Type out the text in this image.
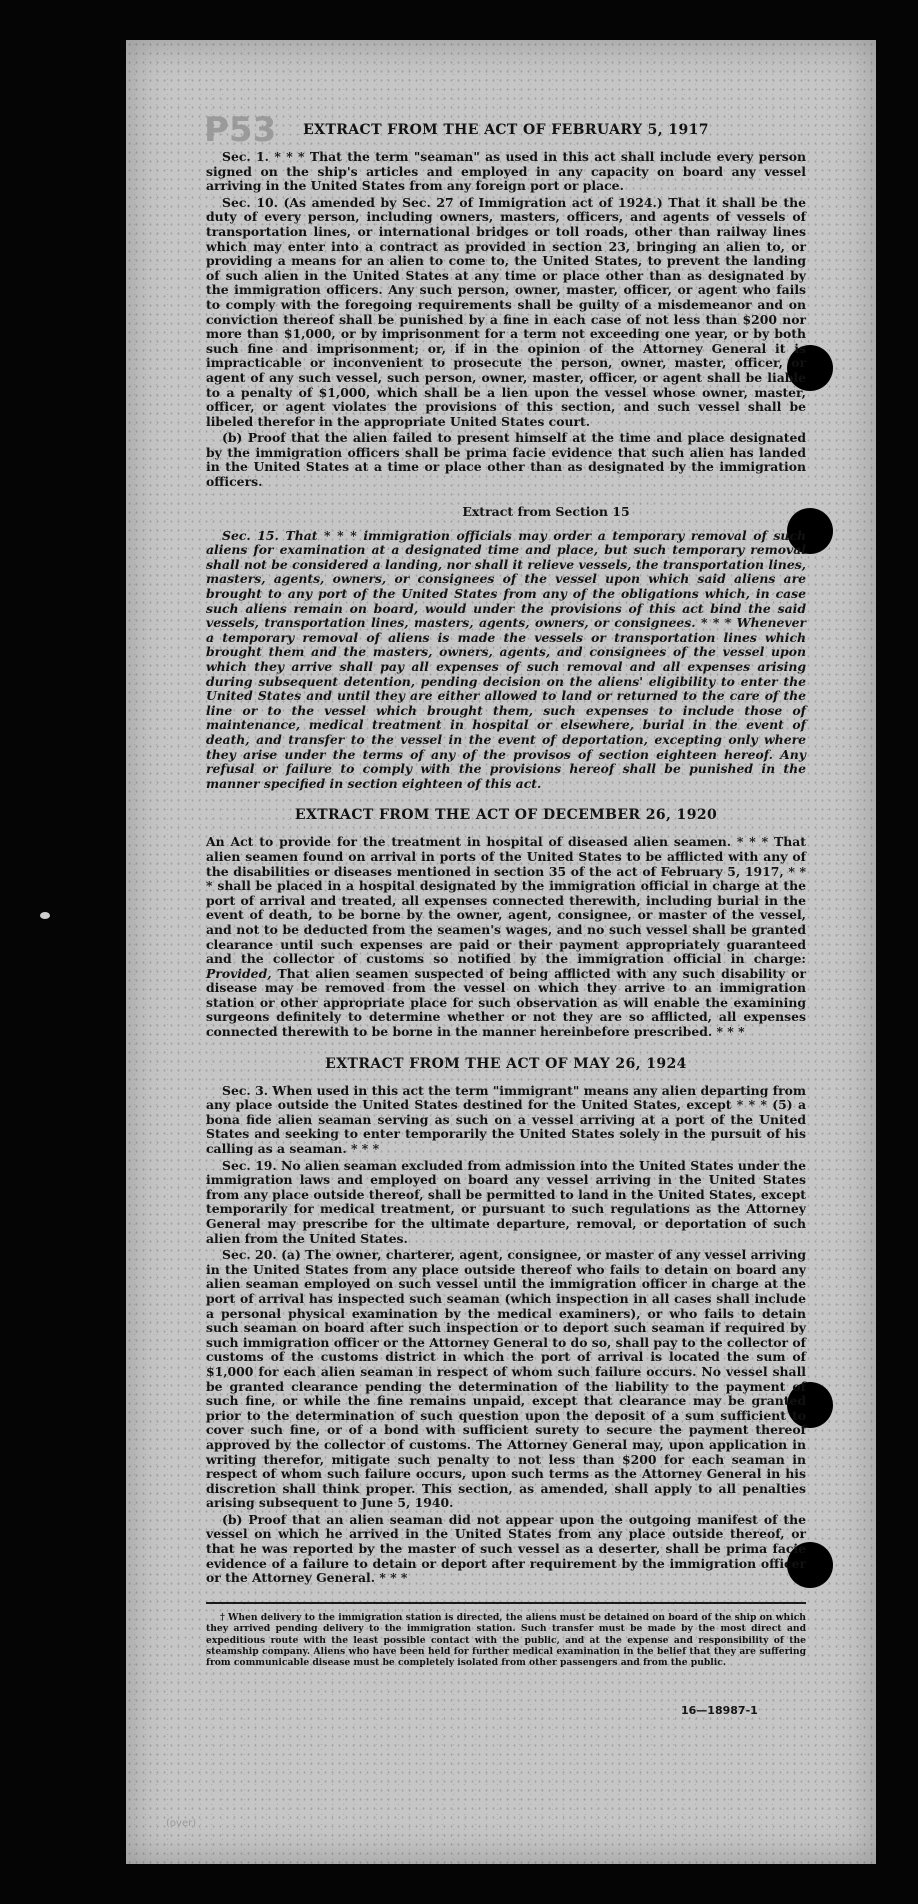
P53	EXTRACT FROM THE ACT OF FEBRUARY 5, 1917

Sec. 1. * * * That the term "seaman" as used in this act shall include every person signed on the ship's articles and employed in any capacity on board any vessel arriving in the United States from any foreign port or place.

Sec. 10. (As amended by Sec. 27 of Immigration act of 1924.) That it shall be the duty of every person, including owners, masters, officers, and agents of vessels of transportation lines, or international bridges or toll roads, other than railway lines which may enter into a contract as provided in section 23, bringing an alien to, or providing a means for an alien to come to, the United States, to prevent the landing of such alien in the United States at any time or place other than as designated by the immigration officers. Any such person, owner, master, officer, or agent who fails to comply with the foregoing requirements shall be guilty of a misdemeanor and on conviction thereof shall be punished by a fine in each case of not less than $200 nor more than $1,000, or by imprisonment for a term not exceeding one year, or by both such fine and imprisonment; or, if in the opinion of the Attorney General it is impracticable or inconvenient to prosecute the person, owner, master, officer, or agent of any such vessel, such person, owner, master, officer, or agent shall be liable to a penalty of $1,000, which shall be a lien upon the vessel whose owner, master, officer, or agent violates the provisions of this section, and such vessel shall be libeled therefor in the appropriate United States court.

(b) Proof that the alien failed to present himself at the time and place designated by the immigration officers shall be prima facie evidence that such alien has landed in the United States at a time or place other than as designated by the immigration officers.

Extract from Section 15

Sec. 15. That * * * immigration officials may order a temporary removal of such aliens for examination at a designated time and place, but such temporary removal shall not be considered a landing, nor shall it relieve vessels, the transportation lines, masters, agents, owners, or consignees of the vessel upon which said aliens are brought to any port of the United States from any of the obligations which, in case such aliens remain on board, would under the provisions of this act bind the said vessels, transportation lines, masters, agents, owners, or consignees. * * * Whenever a temporary removal of aliens is made the vessels or transportation lines which brought them and the masters, owners, agents, and consignees of the vessel upon which they arrive shall pay all expenses of such removal and all expenses arising during subsequent detention, pending decision on the aliens' eligibility to enter the United States and until they are either allowed to land or returned to the care of the line or to the vessel which brought them, such expenses to include those of maintenance, medical treatment in hospital or elsewhere, burial in the event of death, and transfer to the vessel in the event of deportation, excepting only where they arise under the terms of any of the provisos of section eighteen hereof. Any refusal or failure to comply with the provisions hereof shall be punished in the manner specified in section eighteen of this act.

EXTRACT FROM THE ACT OF DECEMBER 26, 1920

An Act to provide for the treatment in hospital of diseased alien seamen. * * * That alien seamen found on arrival in ports of the United States to be afflicted with any of the disabilities or diseases mentioned in section 35 of the act of February 5, 1917, * * * shall be placed in a hospital designated by the immigration official in charge at the port of arrival and treated, all expenses connected therewith, including burial in the event of death, to be borne by the owner, agent, consignee, or master of the vessel, and not to be deducted from the seamen's wages, and no such vessel shall be granted clearance until such expenses are paid or their payment appropriately guaranteed and the collector of customs so notified by the immigration official in charge: Provided, That alien seamen suspected of being afflicted with any such disability or disease may be removed from the vessel on which they arrive to an immigration station or other appropriate place for such observation as will enable the examining surgeons definitely to determine whether or not they are so afflicted, all expenses connected therewith to be borne in the manner hereinbefore prescribed. * * *

EXTRACT FROM THE ACT OF MAY 26, 1924

Sec. 3. When used in this act the term "immigrant" means any alien departing from any place outside the United States destined for the United States, except * * * (5) a bona fide alien seaman serving as such on a vessel arriving at a port of the United States and seeking to enter temporarily the United States solely in the pursuit of his calling as a seaman. * * *

Sec. 19. No alien seaman excluded from admission into the United States under the immigration laws and employed on board any vessel arriving in the United States from any place outside thereof, shall be permitted to land in the United States, except temporarily for medical treatment, or pursuant to such regulations as the Attorney General may prescribe for the ultimate departure, removal, or deportation of such alien from the United States.

Sec. 20. (a) The owner, charterer, agent, consignee, or master of any vessel arriving in the United States from any place outside thereof who fails to detain on board any alien seaman employed on such vessel until the immigration officer in charge at the port of arrival has inspected such seaman (which inspection in all cases shall include a personal physical examination by the medical examiners), or who fails to detain such seaman on board after such inspection or to deport such seaman if required by such immigration officer or the Attorney General to do so, shall pay to the collector of customs of the customs district in which the port of arrival is located the sum of $1,000 for each alien seaman in respect of whom such failure occurs. No vessel shall be granted clearance pending the determination of the liability to the payment of such fine, or while the fine remains unpaid, except that clearance may be granted prior to the determination of such question upon the deposit of a sum sufficient to cover such fine, or of a bond with sufficient surety to secure the payment thereof approved by the collector of customs. The Attorney General may, upon application in writing therefor, mitigate such penalty to not less than $200 for each seaman in respect of whom such failure occurs, upon such terms as the Attorney General in his discretion shall think proper. This section, as amended, shall apply to all penalties arising subsequent to June 5, 1940.

(b) Proof that an alien seaman did not appear upon the outgoing manifest of the vessel on which he arrived in the United States from any place outside thereof, or that he was reported by the master of such vessel as a deserter, shall be prima facie evidence of a failure to detain or deport after requirement by the immigration officer or the Attorney General. * * *

† When delivery to the immigration station is directed, the aliens must be detained on board of the ship on which they arrived pending delivery to the immigration station. Such transfer must be made by the most direct and expeditious route with the least possible contact with the public, and at the expense and responsibility of the steamship company. Aliens who have been held for further medical examination in the belief that they are suffering from communicable disease must be completely isolated from other passengers and from the public.

16—18987-1
(over)
